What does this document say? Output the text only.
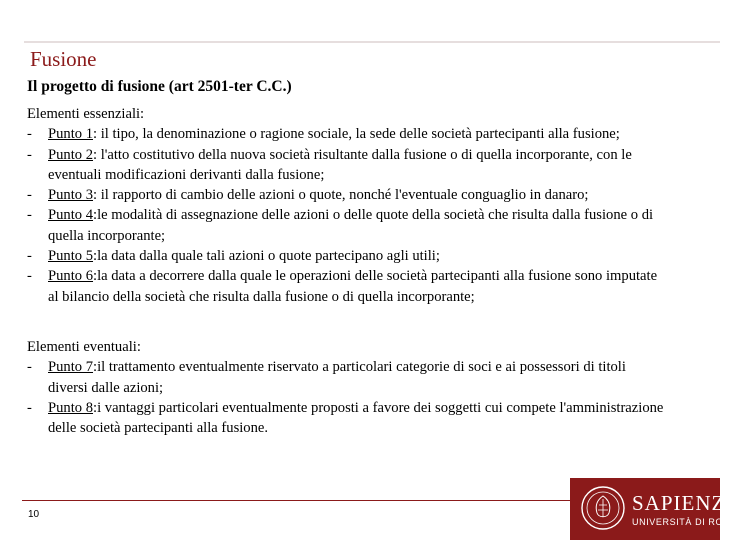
Fusione
Il progetto di fusione (art 2501-ter C.C.)

Elementi essenziali:

- Punto 1: il tipo, la denominazione o ragione sociale, la sede delle società partecipanti alla fusione;
- Punto 2: l'atto costitutivo della nuova società risultante dalla fusione o di quella incorporante, con le eventuali modificazioni derivanti dalla fusione;
- Punto 3: il rapporto di cambio delle azioni o quote, nonché l'eventuale conguaglio in danaro;
- Punto 4:le modalità di assegnazione delle azioni o delle quote della società che risulta dalla fusione o di quella incorporante;
- Punto 5:la data dalla quale tali azioni o quote partecipano agli utili;
- Punto 6:la data a decorrere dalla quale le operazioni delle società partecipanti alla fusione sono imputate al bilancio della società che risulta dalla fusione o di quella incorporante;

Elementi eventuali:

- Punto 7:il trattamento eventualmente riservato a particolari categorie di soci e ai possessori di titoli diversi dalle azioni;
- Punto 8:i vantaggi particolari eventualmente proposti a favore dei soggetti cui compete l'amministrazione delle società partecipanti alla fusione.
10	SAPIENZA
UNIVERSITÀ DI ROMA
